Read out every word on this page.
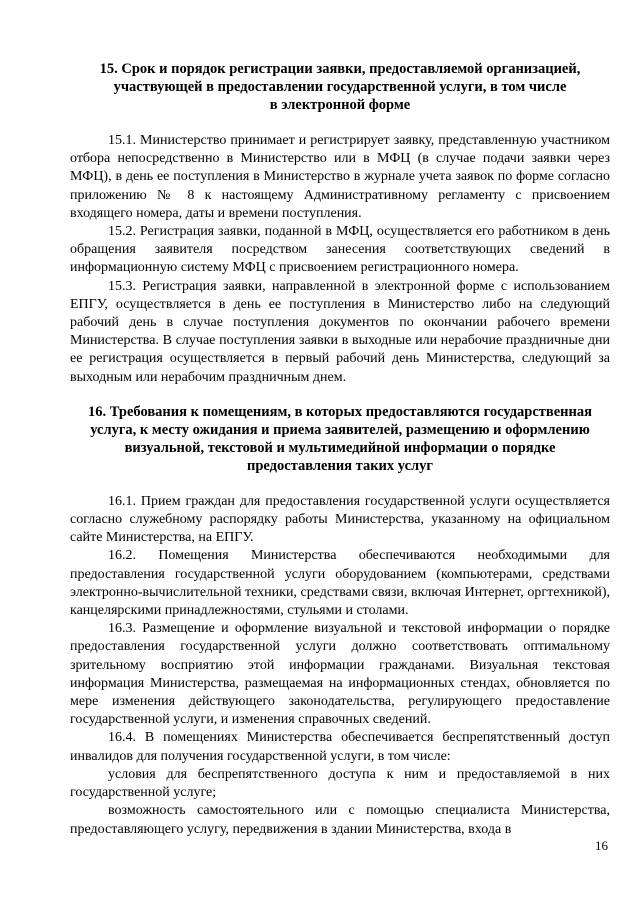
15. Срок и порядок регистрации заявки, предоставляемой организацией,
участвующей в предоставлении государственной услуги, в том числе
в электронной форме

15.1. Министерство принимает и регистрирует заявку, представленную участником отбора непосредственно в Министерство или в МФЦ (в случае подачи заявки через МФЦ), в день ее поступления в Министерство в журнале учета заявок по форме согласно приложению № 8 к настоящему Административному регламенту с присвоением входящего номера, даты и времени поступления.

15.2. Регистрация заявки, поданной в МФЦ, осуществляется его работником в день обращения заявителя посредством занесения соответствующих сведений в информационную систему МФЦ с присвоением регистрационного номера.

15.3. Регистрация заявки, направленной в электронной форме с использованием ЕПГУ, осуществляется в день ее поступления в Министерство либо на следующий рабочий день в случае поступления документов по окончании рабочего времени Министерства. В случае поступления заявки в выходные или нерабочие праздничные дни ее регистрация осуществляется в первый рабочий день Министерства, следующий за выходным или нерабочим праздничным днем.

16. Требования к помещениям, в которых предоставляются государственная
услуга, к месту ожидания и приема заявителей, размещению и оформлению
визуальной, текстовой и мультимедийной информации о порядке
предоставления таких услуг

16.1. Прием граждан для предоставления государственной услуги осуществляется согласно служебному распорядку работы Министерства, указанному на официальном сайте Министерства, на ЕПГУ.

16.2. Помещения Министерства обеспечиваются необходимыми для предоставления государственной услуги оборудованием (компьютерами, средствами электронно-вычислительной техники, средствами связи, включая Интернет, оргтехникой), канцелярскими принадлежностями, стульями и столами.

16.3. Размещение и оформление визуальной и текстовой информации о порядке предоставления государственной услуги должно соответствовать оптимальному зрительному восприятию этой информации гражданами. Визуальная текстовая информация Министерства, размещаемая на информационных стендах, обновляется по мере изменения действующего законодательства, регулирующего предоставление государственной услуги, и изменения справочных сведений.

16.4. В помещениях Министерства обеспечивается беспрепятственный доступ инвалидов для получения государственной услуги, в том числе:

условия для беспрепятственного доступа к ним и предоставляемой в них государственной услуге;

возможность самостоятельного или с помощью специалиста Министерства, предоставляющего услугу, передвижения в здании Министерства, входа в

16
